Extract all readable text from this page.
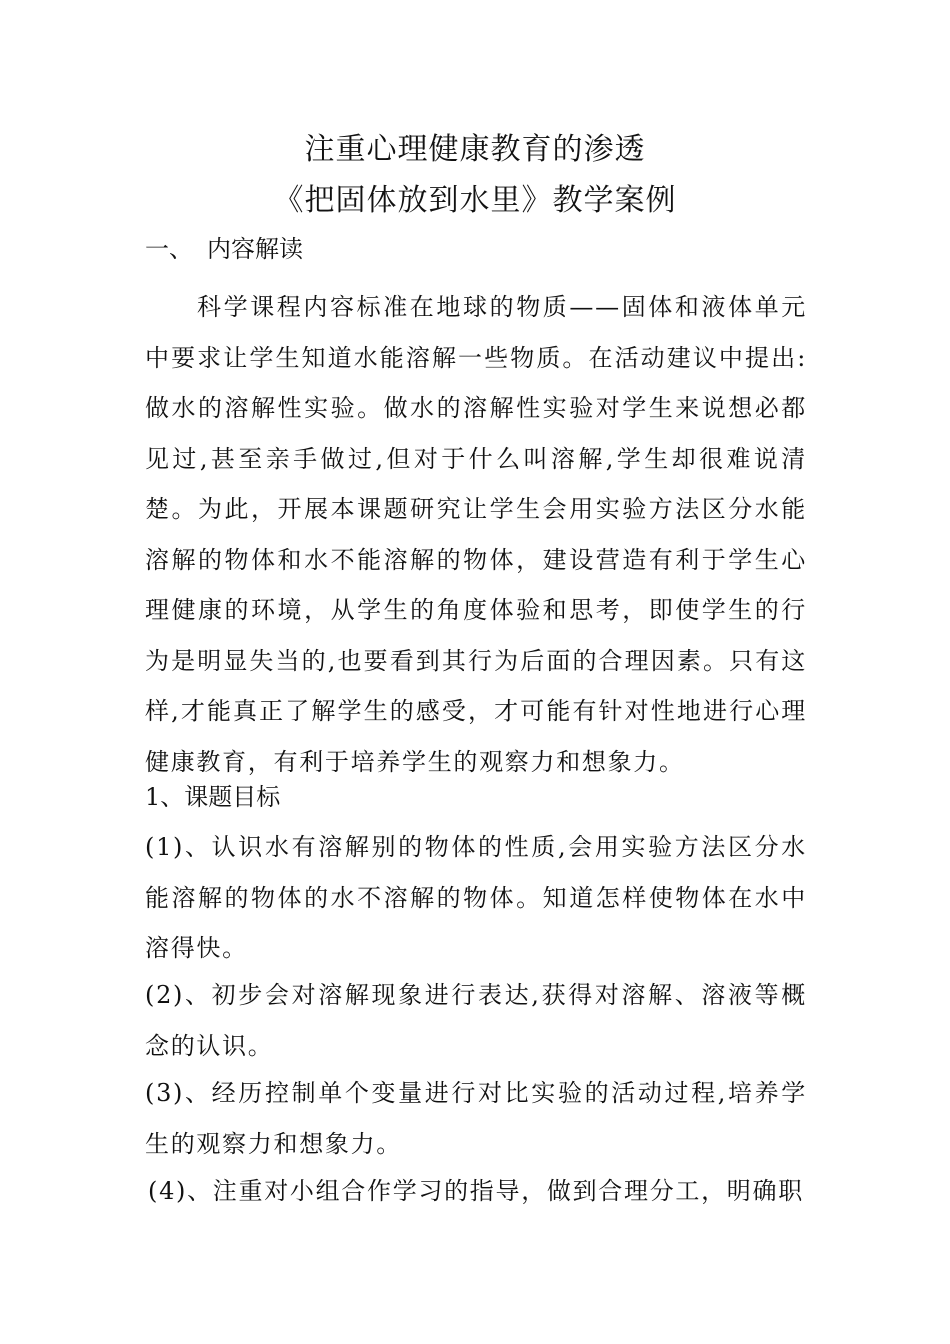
注重心理健康教育的渗透
《把固体放到水里》教学案例
一、 内容解读
科学课程内容标准在地球的物质——固体和液体单元中要求让学生知道水能溶解一些物质。在活动建议中提出:做水的溶解性实验。做水的溶解性实验对学生来说想必都见过,甚至亲手做过,但对于什么叫溶解,学生却很难说清楚。为此，开展本课题研究让学生会用实验方法区分水能溶解的物体和水不能溶解的物体，建设营造有利于学生心理健康的环境，从学生的角度体验和思考，即使学生的行为是明显失当的,也要看到其行为后面的合理因素。只有这样,才能真正了解学生的感受，才可能有针对性地进行心理健康教育，有利于培养学生的观察力和想象力。
1、课题目标
(1)、认识水有溶解别的物体的性质,会用实验方法区分水能溶解的物体的水不溶解的物体。知道怎样使物体在水中溶得快。
(2)、初步会对溶解现象进行表达,获得对溶解、溶液等概念的认识。
(3)、经历控制单个变量进行对比实验的活动过程,培养学生的观察力和想象力。
(4)、注重对小组合作学习的指导，做到合理分工，明确职
